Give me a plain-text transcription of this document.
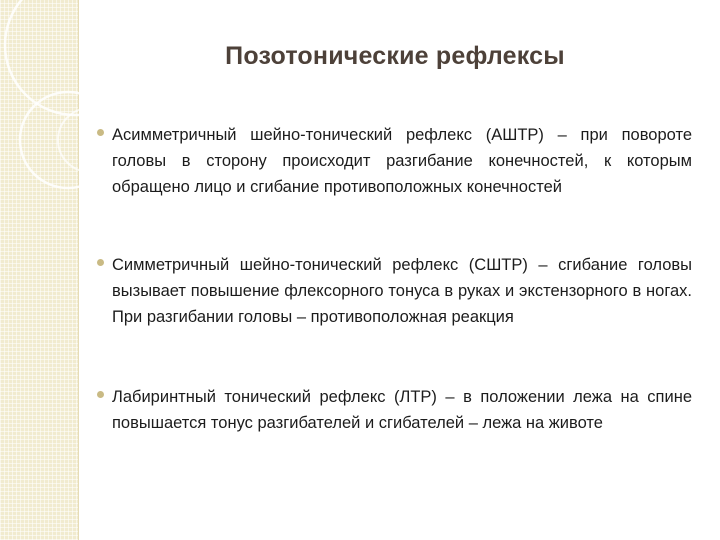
Позотонические рефлексы
Асимметричный шейно-тонический рефлекс (АШТР) – при повороте головы в сторону происходит разгибание конечностей, к которым обращено лицо и сгибание противоположных конечностей
Симметричный шейно-тонический рефлекс (СШТР) – сгибание головы вызывает повышение флексорного тонуса в руках и экстензорного в ногах. При разгибании головы – противоположная реакция
Лабиринтный тонический рефлекс (ЛТР) – в положении лежа на спине повышается тонус разгибателей и сгибателей – лежа на животе
